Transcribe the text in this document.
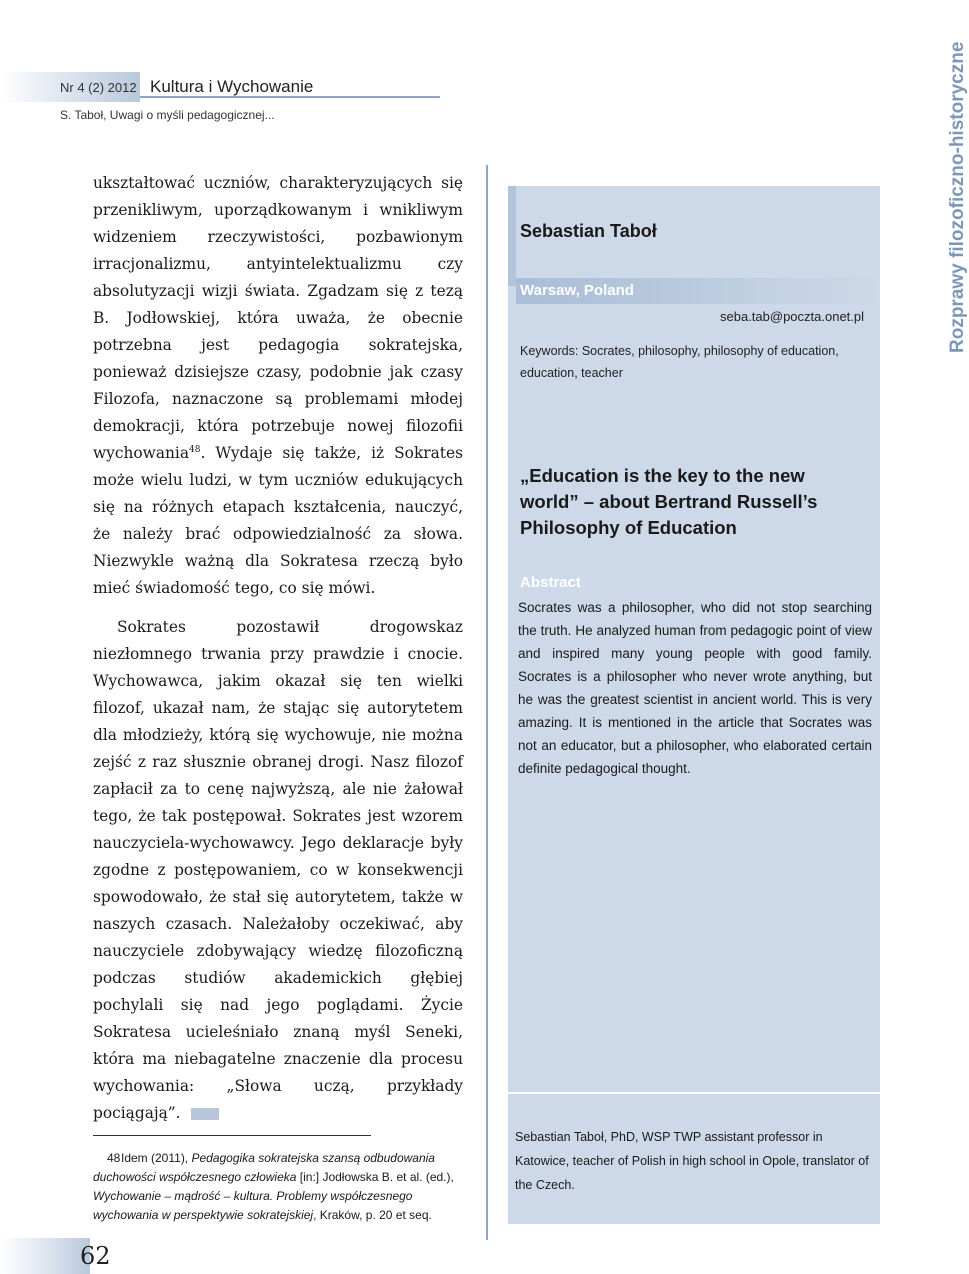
Nr 4 (2) 2012 Kultura i Wychowanie
S. Taboł, Uwagi o myśli pedagogicznej...

ukształtować uczniów, charakteryzujących się przenikliwym, uporządkowanym i wnikliwym widzeniem rzeczywistości, pozbawionym irracjonalizmu, antyintelektualizmu czy absolutyzacji wizji świata. Zgadzam się z tezą B. Jodłowskiej, która uważa, że obecnie potrzebna jest pedagogia sokratejska, ponieważ dzisiejsze czasy, podobnie jak czasy Filozofa, naznaczone są problemami młodej demokracji, która potrzebuje nowej filozofii wychowania$^{48}$. Wydaje się także, iż Sokrates może wielu ludzi, w tym uczniów edukujących się na różnych etapach kształcenia, nauczyć, że należy brać odpowiedzialność za słowa. Niezwykle ważną dla Sokratesa rzeczą było mieć świadomość tego, co się mówi.

Sokrates pozostawił drogowskaz niezłomnego trwania przy prawdzie i cnocie. Wychowawca, jakim okazał się ten wielki filozof, ukazał nam, że stając się autorytetem dla młodzieży, którą się wychowuje, nie można zejść z raz słusznie obranej drogi. Nasz filozof zapłacił za to cenę najwyższą, ale nie żałował tego, że tak postępował. Sokrates jest wzorem nauczyciela-wychowawcy. Jego deklaracje były zgodne z postępowaniem, co w konsekwencji spowodowało, że stał się autorytetem, także w naszych czasach. Należałoby oczekiwać, aby nauczyciele zdobywający wiedzę filozoficzną podczas studiów akademickich głębiej pochylali się nad jego poglądami. Życie Sokratesa ucieleśniało znaną myśl Seneki, która ma niebagatelne znaczenie dla procesu wychowania: „Słowa uczą, przykłady pociągają”.

Sebastian Taboł
Warsaw, Poland
seba.tab@poczta.onet.pl
Keywords: Socrates, philosophy, philosophy of education, education, teacher
„Education is the key to the new world” – about Bertrand Russell’s Philosophy of Education
Abstract
Socrates was a philosopher, who did not stop searching the truth. He analyzed human from pedagogic point of view and inspired many young people with good family. Socrates is a philosopher who never wrote anything, but he was the greatest scientist in ancient world. This is very amazing. It is mentioned in the article that Socrates was not an educator, but a philosopher, who elaborated certain definite pedagogical thought.
Rozprawy filozoficzno-historyczne
Sebastian Taboł, PhD, WSP TWP assistant professor in Katowice, teacher of Polish in high school in Opole, translator of the Czech.
48Idem (2011), Pedagogika sokratejska szansą odbudowania duchowości współczesnego człowieka [in:] Jodłowska B. et al. (ed.), Wychowanie – mądrość – kultura. Problemy współczesnego wychowania w perspektywie sokratejskiej, Kraków, p. 20 et seq.
62
